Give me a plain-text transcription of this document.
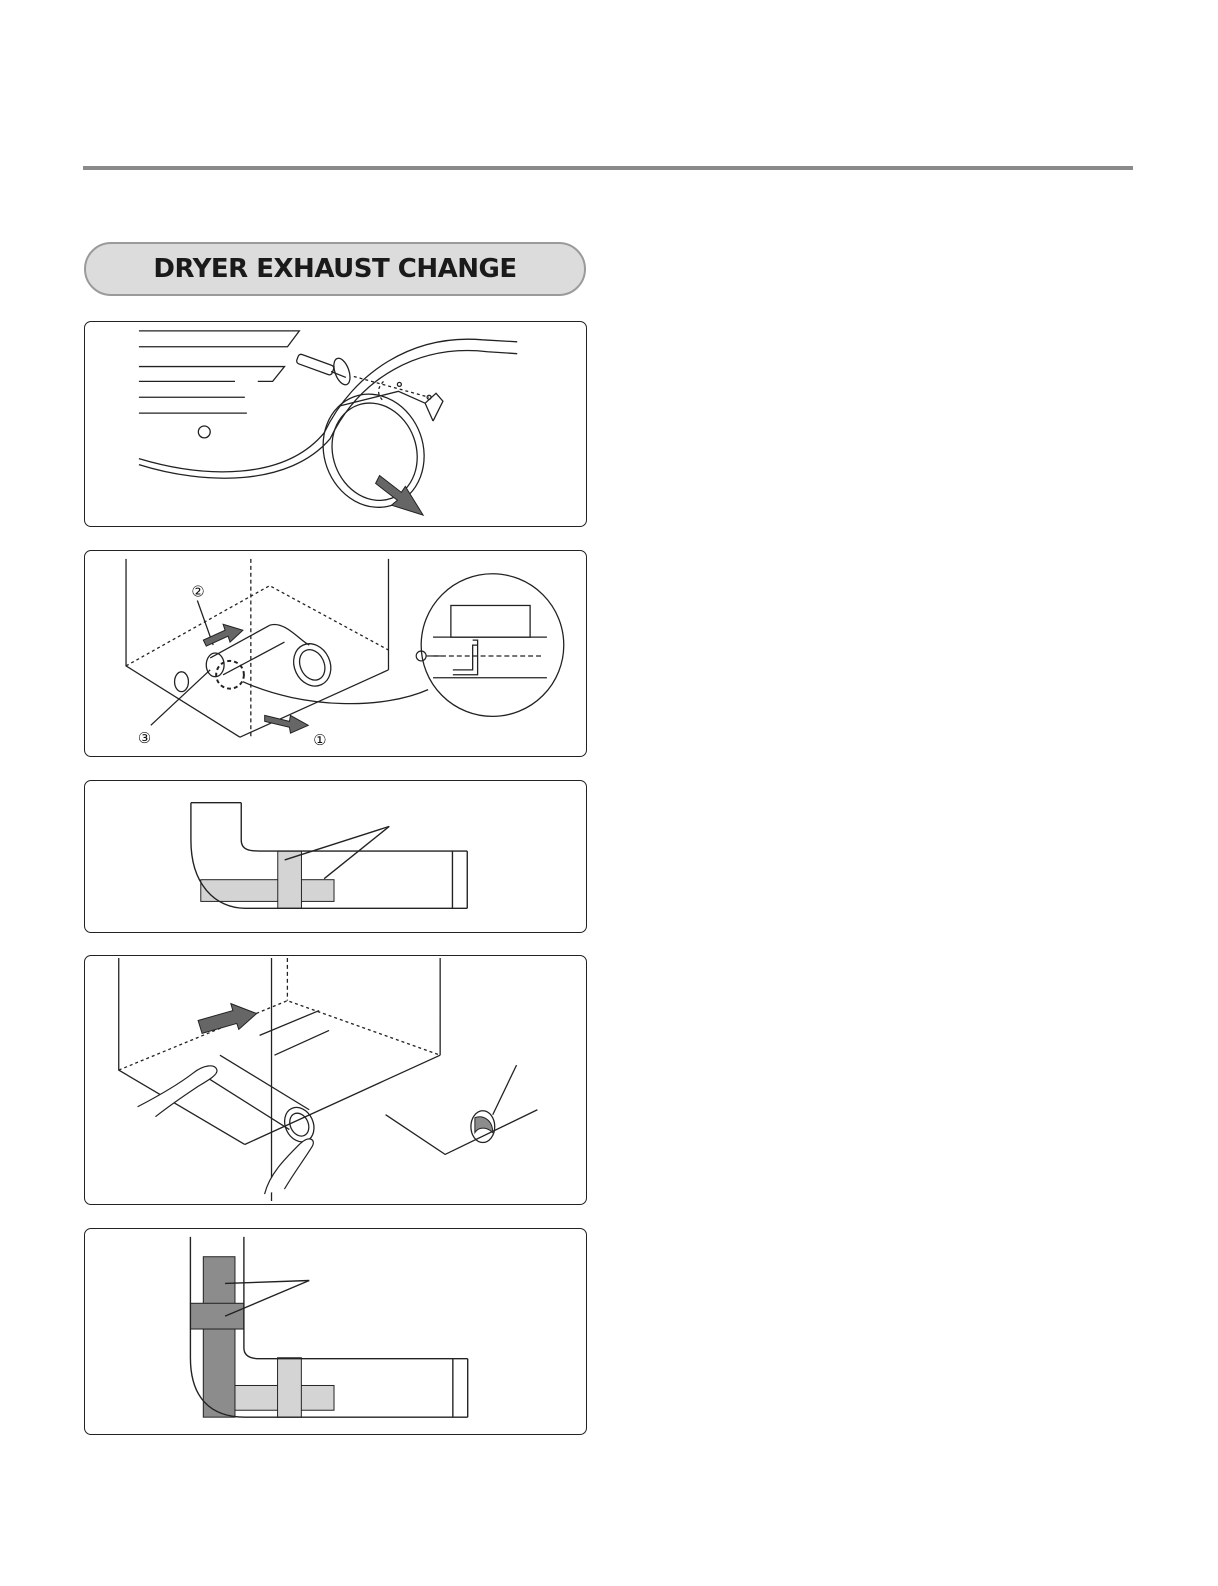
DRYER EXHAUST CHANGE
②
③	①
